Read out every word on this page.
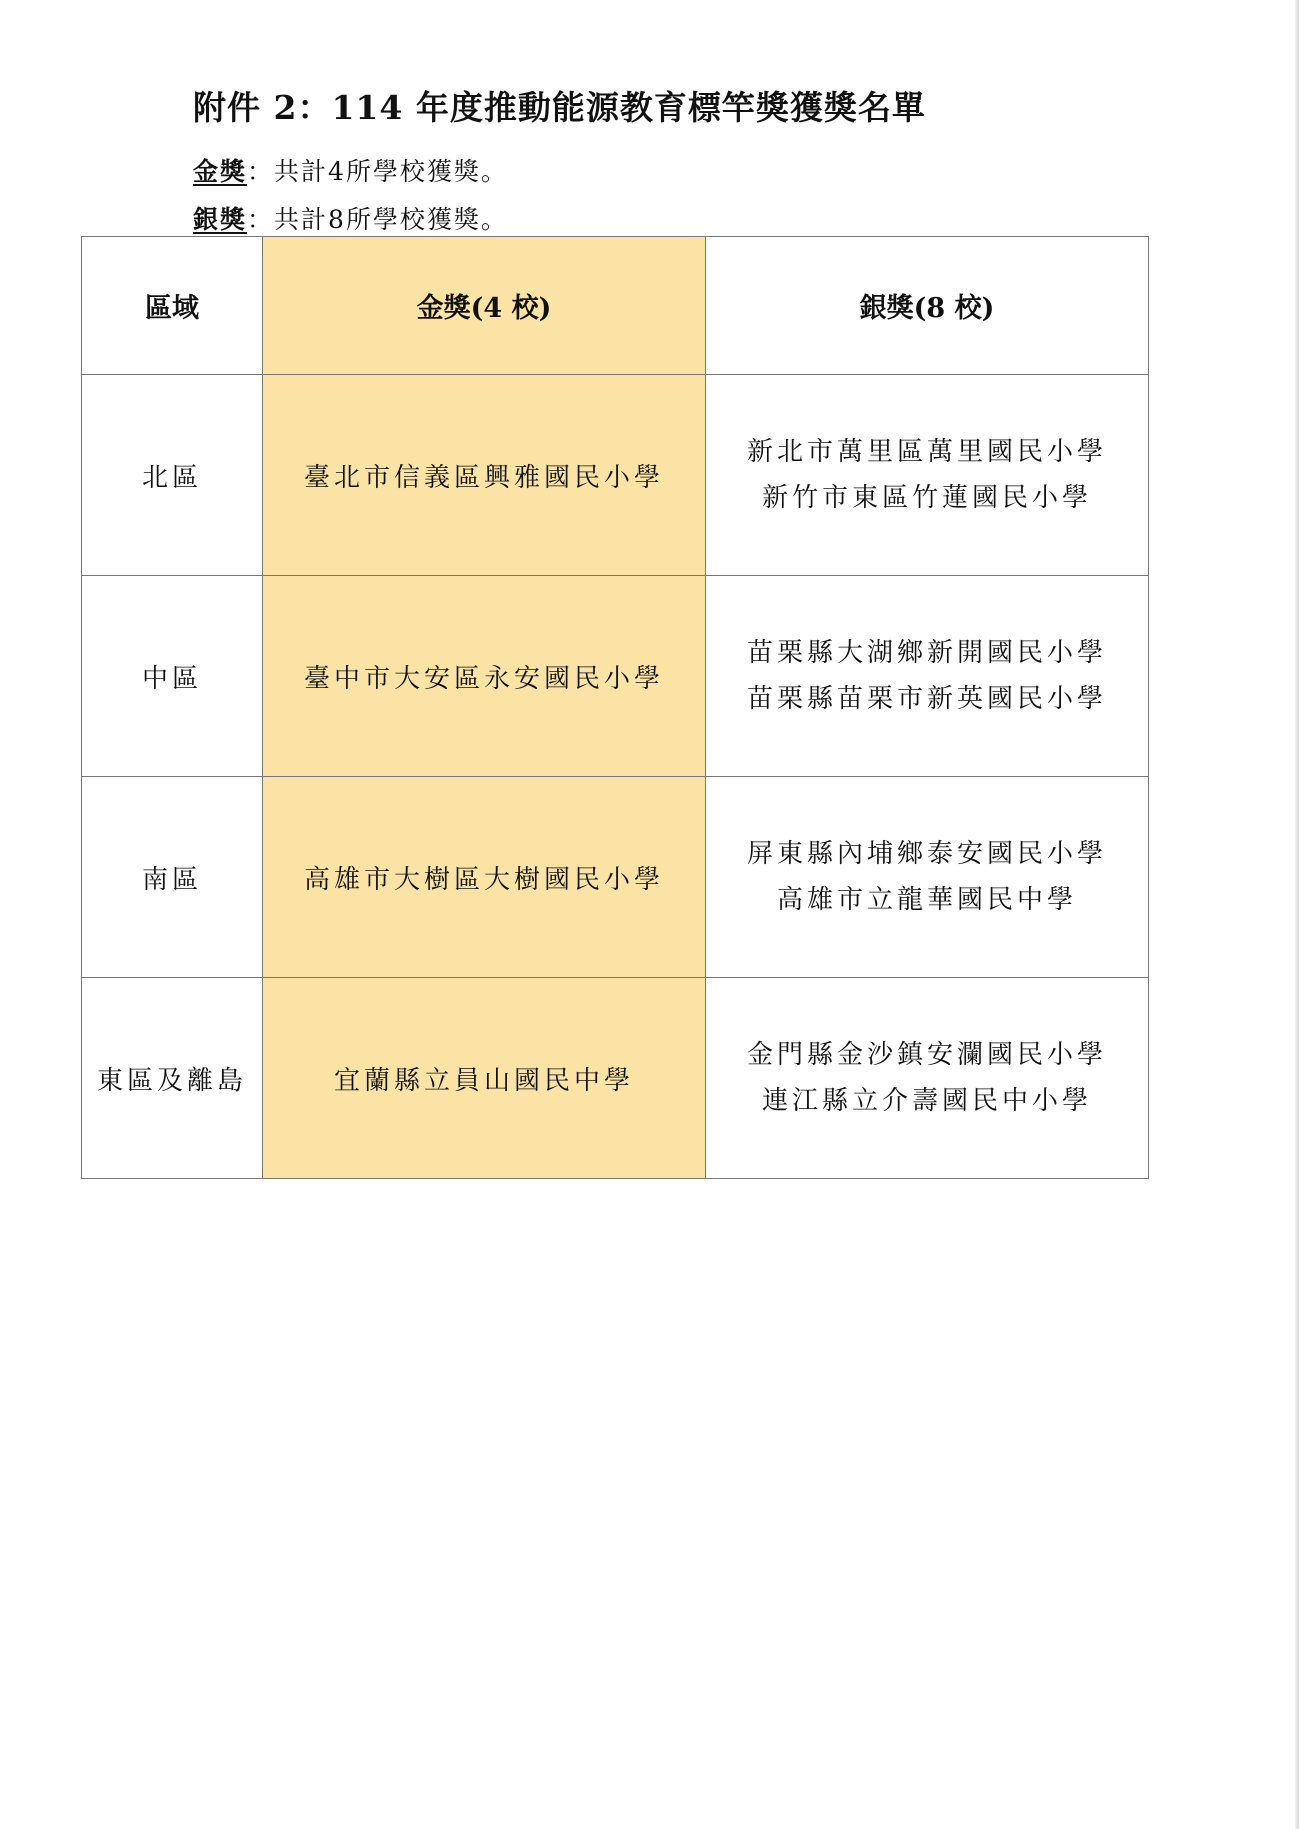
附件 2：114 年度推動能源教育標竿獎獲獎名單
金獎：共計4所學校獲獎。
銀獎：共計8所學校獲獎。
區域	金獎(4 校)	銀獎(8 校)
北區	臺北市信義區興雅國民小學	新北市萬里區萬里國民小學
新竹市東區竹蓮國民小學

中區	臺中市大安區永安國民小學	苗栗縣大湖鄉新開國民小學
苗栗縣苗栗市新英國民小學

南區	高雄市大樹區大樹國民小學	屏東縣內埔鄉泰安國民小學
高雄市立龍華國民中學

東區及離島	宜蘭縣立員山國民中學	金門縣金沙鎮安瀾國民小學
連江縣立介壽國民中小學
